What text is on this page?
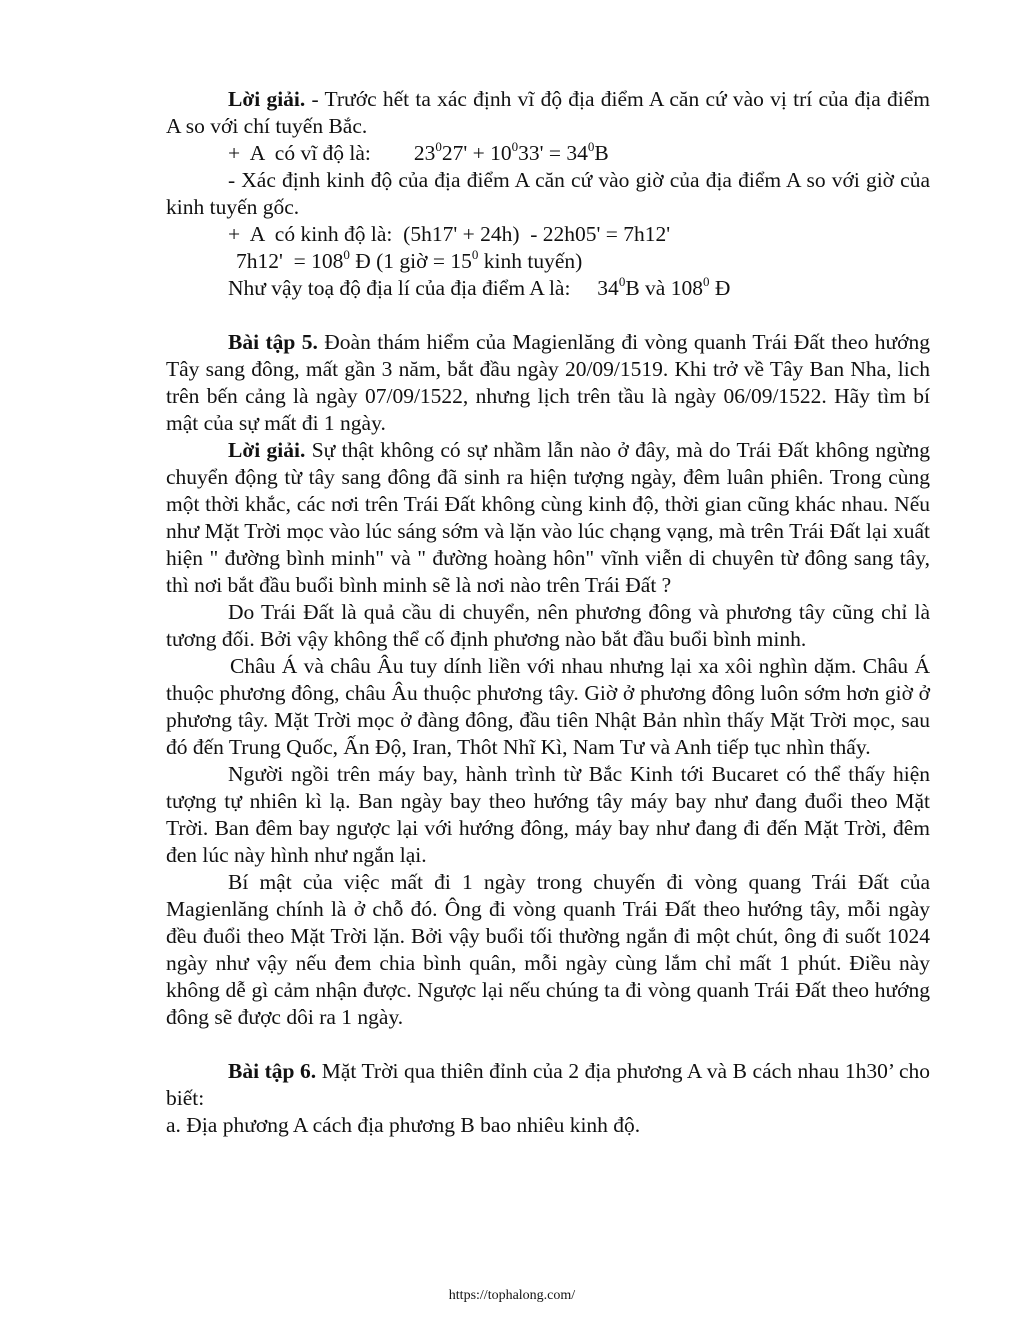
Lời giải. - Trước hết ta xác định vĩ độ địa điểm A căn cứ vào vị trí của địa điểm A so với chí tuyến Bắc.

+  A  có vĩ độ là:        $23^027' + 10^033' = 34^0B$

- Xác định kinh độ của địa điểm A căn cứ vào giờ của địa điểm A so với giờ của kinh tuyến gốc.

+  A  có kinh độ là:  (5h17' + 24h)  - 22h05' = 7h12'

$7h12' = 108^0$ Đ (1 giờ = $15^0$ kinh tuyến)

Như vậy toạ độ địa lí của địa điểm A là:     $34^0B$ và $108^0$ Đ

Bài tập 5. Đoàn thám hiểm của Magienlăng đi vòng quanh Trái Đất theo hướng Tây sang đông, mất gần 3 năm, bắt đầu ngày 20/09/1519. Khi trở về Tây Ban Nha, lich trên bến cảng là ngày 07/09/1522, nhưng lịch trên tầu là ngày 06/09/1522. Hãy tìm bí mật của sự mất đi 1 ngày.

Lời giải. Sự thật không có sự nhầm lẫn nào ở đây, mà do Trái Đất không ngừng chuyển động từ tây sang đông đã sinh ra hiện tượng ngày, đêm luân phiên. Trong cùng một thời khắc, các nơi trên Trái Đất không cùng kinh độ, thời gian cũng khác nhau. Nếu như Mặt Trời mọc vào lúc sáng sớm và lặn vào lúc chạng vạng, mà trên Trái Đất lại xuất hiện " đường bình minh" và " đường hoàng hôn" vĩnh viễn di chuyên từ đông sang tây, thì nơi bắt đầu buổi bình minh sẽ là nơi nào trên Trái Đất ?

Do Trái Đất là quả cầu di chuyển, nên phương đông và phương tây cũng chỉ là tương đối. Bởi vậy không thể cố định phương nào bắt đầu buổi bình minh.

Châu Á và châu Âu tuy dính liền với nhau nhưng lại xa xôi nghìn dặm. Châu Á thuộc phương đông, châu Âu thuộc phương tây. Giờ ở phương đông luôn sớm hơn giờ ở phương tây. Mặt Trời mọc ở đàng đông, đầu tiên Nhật Bản nhìn thấy Mặt Trời mọc, sau đó đến Trung Quốc, Ấn Độ, Iran, Thôt Nhĩ Kì, Nam Tư và Anh tiếp tục nhìn thấy.

Người ngồi trên máy bay, hành trình từ Bắc Kinh tới Bucaret có thể thấy hiện tượng tự nhiên kì lạ. Ban ngày bay theo hướng tây máy bay như đang đuổi theo Mặt Trời. Ban đêm bay ngược lại với hướng đông, máy bay như đang đi đến Mặt Trời, đêm đen lúc này hình như ngắn lại.

Bí mật của việc mất đi 1 ngày trong chuyến đi vòng quang Trái Đất của Magienlăng chính là ở chỗ đó. Ông đi vòng quanh Trái Đất theo hướng tây, mỗi ngày đều đuổi theo Mặt Trời lặn. Bởi vậy buổi tối thường ngắn đi một chút, ông đi suốt 1024 ngày như vậy nếu đem chia bình quân, mỗi ngày cùng lắm chỉ mất 1 phút. Điều này không dễ gì cảm nhận được. Ngược lại nếu chúng ta đi vòng quanh Trái Đất theo hướng đông sẽ được dôi ra 1 ngày.

Bài tập 6. Mặt Trời qua thiên đỉnh của 2 địa phương A và B cách nhau 1h30’ cho biết:

a. Địa phương A cách địa phương B bao nhiêu kinh độ.

https://tophalong.com/
